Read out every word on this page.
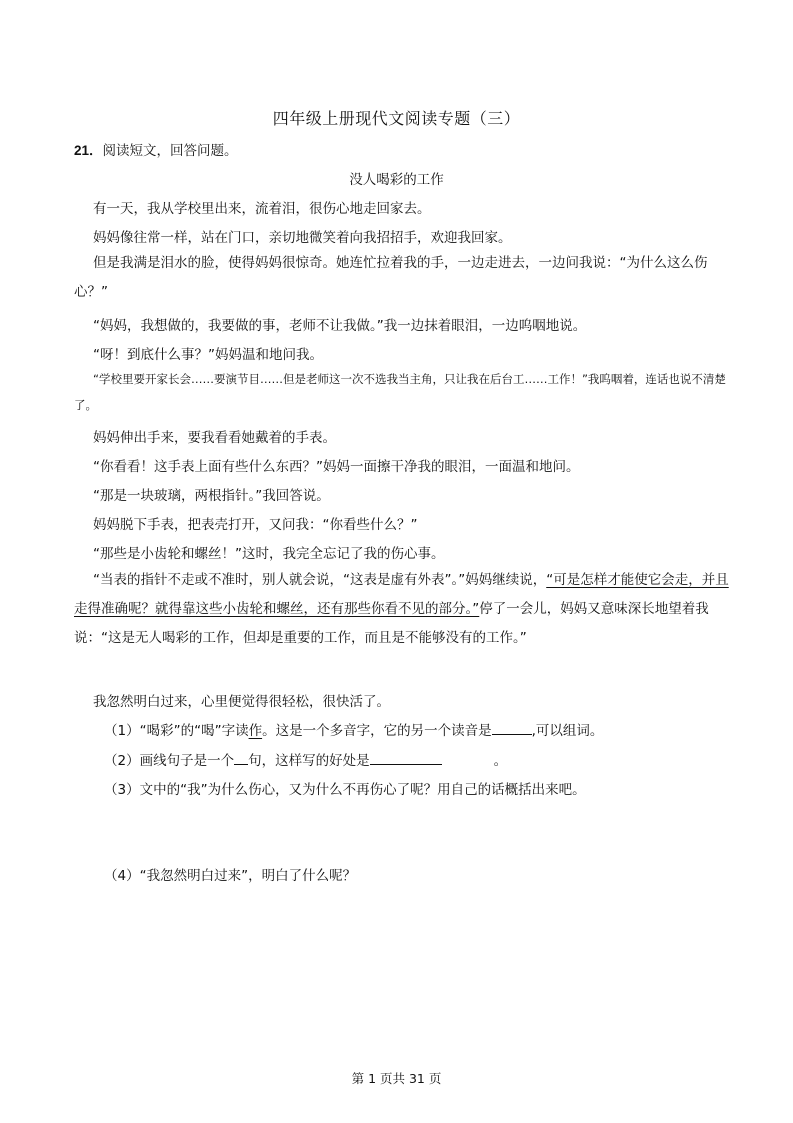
四年级上册现代文阅读专题（三）
21．阅读短文，回答问题。
没人喝彩的工作
有一天，我从学校里出来，流着泪，很伤心地走回家去。
妈妈像往常一样，站在门口，亲切地微笑着向我招招手，欢迎我回家。
但是我满是泪水的脸，使得妈妈很惊奇。她连忙拉着我的手，一边走进去，一边问我说：“为什么这么伤心？”
“妈妈，我想做的，我要做的事，老师不让我做。”我一边抹着眼泪，一边呜咽地说。
“呀！到底什么事？”妈妈温和地问我。
“学校里要开家长会……要演节目……但是老师这一次不选我当主角，只让我在后台工……工作！”我呜咽着，连话也说不清楚了。
妈妈伸出手来，要我看看她戴着的手表。
“你看看！这手表上面有些什么东西？”妈妈一面擦干净我的眼泪，一面温和地问。
“那是一块玻璃，两根指针。”我回答说。
妈妈脱下手表，把表壳打开，又问我：“你看些什么？”
“那些是小齿轮和螺丝！”这时，我完全忘记了我的伤心事。
“当表的指针不走或不准时，别人就会说，“这表是虚有外表”。”妈妈继续说，“可是怎样才能使它会走，并且走得准确呢？就得靠这些小齿轮和螺丝，还有那些你看不见的部分。”停了一会儿，妈妈又意味深长地望着我说：“这是无人喝彩的工作，但却是重要的工作，而且是不能够没有的工作。”
我忽然明白过来，心里便觉得很轻松，很快活了。
（1）“喝彩”的“喝”字读作。这是一个多音字，它的另一个读音是	,可以组词。
（2）画线句子是一个 句，这样写的好处是	。
（3）文中的“我”为什么伤心，又为什么不再伤心了呢？用自己的话概括出来吧。
（4）“我忽然明白过来”，明白了什么呢？
第 1 页共 31 页
